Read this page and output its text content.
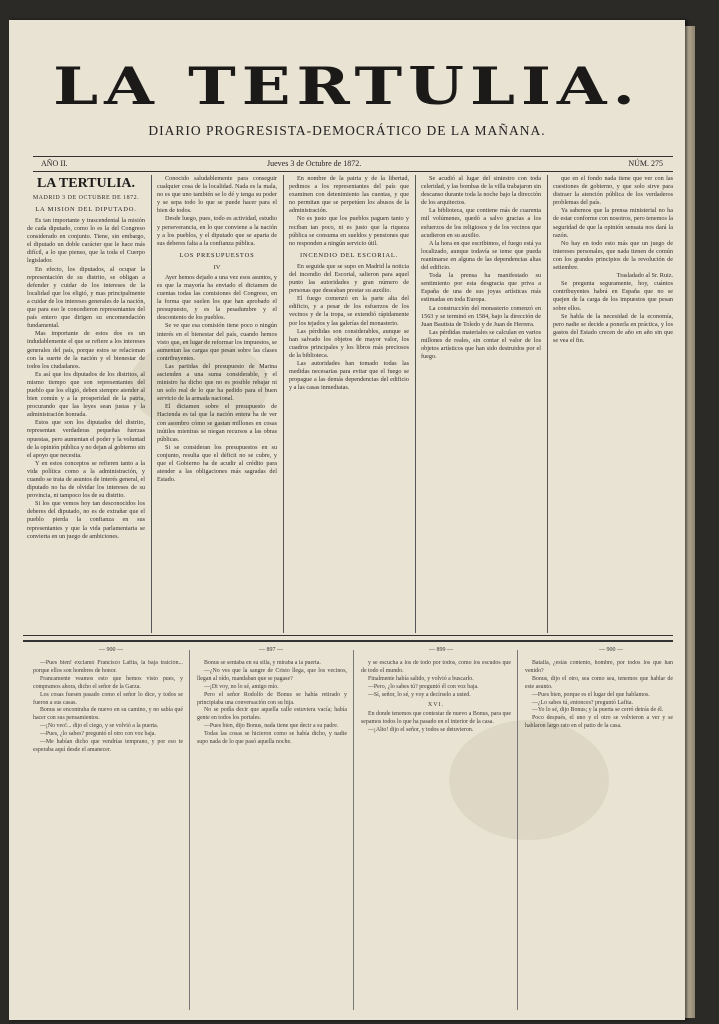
LA TERTULIA.
DIARIO PROGRESISTA-DEMOCRÁTICO DE LA MAÑANA.
AÑO II.	Jueves 3 de Octubre de 1872.	NÚM. 275
LA TERTULIA.
MADRID 3 DE OCTUBRE DE 1872.
LA MISION DEL DIPUTADO.

Es tan importante y trascendental la misión de cada diputado, como lo es la del Congreso considerado en conjunto. Tiene, sin embargo, el diputado un doble carácter que le hace más difícil, a lo que pienso, que la toda el Cuerpo legislador.

En efecto, los diputados, al ocupar la representación de su distrito, se obligan a defender y cuidar de los intereses de la localidad que los eligió, y mas principalmente a cuidar de los intereses generales de la nación, que para eso le concedieron representantes del país entero que dirigen su encomendación fundamental.

Mas importante de estos dos es un indudablemente el que se refiere a los intereses generales del país, porque estos se relacionan con la suerte de la nación y el bienestar de todos los ciudadanos.

Es así que los diputados de los distritos, al mismo tiempo que son representantes del pueblo que los eligió, deben siempre atender al bien común y a la prosperidad de la patria, procurando que las leyes sean justas y la administración honrada.

Estos que son los diputados del distrito, representan verdaderas pequeñas fuerzas opuestas, pero aumentan el poder y la voluntad de la opinión pública y no dejan al gobierno sin el apoyo que necesita.

Y en estos conceptos se refieren tanto a la vida política como a la administración, y cuando se trata de asuntos de interés general, el diputado no ha de olvidar los intereses de su provincia, ni tampoco los de su distrito.

Si los que vemos hoy tan desconocidos los deberes del diputado, no es de extrañar que el pueblo pierda la confianza en sus representantes y que la vida parlamentaria se convierta en un juego de ambiciones.

Conocido saludablemente para conseguir cualquier cosa de la localidad. Nada es la mala, no es que uno también se lo dé y tenga su poder y se sepa todo lo que se puede hacer para el bien de todos.

Desde luego, pues, todo es actividad, estudio y perseverancia, en lo que conviene a la nación y a los pueblos, y el diputado que se aparta de sus deberes falta a la confianza pública.

LOS PRESUPUESTOS
IV

Ayer hemos dejado a una vez esos asuntos, y es que la mayoría ha enviado el dictamen de cuentas todas las comisiones del Congreso, en la forma que suelen los que han aprobado el presupuesto, y es la pesadumbre y el descontento de los pueblos.

Se ve que esa comisión tiene poco o ningún interés en el bienestar del país, cuando hemos visto que, en lugar de reformar los impuestos, se aumentan las cargas que pesan sobre las clases contribuyentes.

Las partidas del presupuesto de Marina ascienden a una suma considerable, y el ministro ha dicho que no es posible rebajar ni un solo real de lo que ha pedido para el buen servicio de la armada nacional.

El dictamen sobre el presupuesto de Hacienda es tal que la nación entera ha de ver con asombro cómo se gastan millones en cosas inútiles mientras se niegan recursos a las obras públicas.

Si se consideran los presupuestos en su conjunto, resulta que el déficit no se cubre, y que el Gobierno ha de acudir al crédito para atender a las obligaciones más sagradas del Estado.

En nombre de la patria y de la libertad, pedimos a los representantes del país que examinen con detenimiento las cuentas, y que no permitan que se perpetúen los abusos de la administración.

No es justo que los pueblos paguen tanto y reciban tan poco, ni es justo que la riqueza pública se consuma en sueldos y pensiones que no responden a ningún servicio útil.

INCENDIO DEL ESCORIAL.

En seguida que se supo en Madrid la noticia del incendio del Escorial, salieron para aquel punto las autoridades y gran número de personas que deseaban prestar su auxilio.

El fuego comenzó en la parte alta del edificio, y a pesar de los esfuerzos de los vecinos y de la tropa, se extendió rápidamente por los tejados y las galerías del monasterio.

Las pérdidas son considerables, aunque se han salvado los objetos de mayor valor, los cuadros principales y los libros más preciosos de la biblioteca.

Las autoridades han tomado todas las medidas necesarias para evitar que el fuego se propague a las demás dependencias del edificio y a las casas inmediatas.

Se acudió al lugar del siniestro con toda celeridad, y las bombas de la villa trabajaron sin descanso durante toda la noche bajo la dirección de los arquitectos.

La biblioteca, que contiene más de cuarenta mil volúmenes, quedó a salvo gracias a los esfuerzos de los religiosos y de los vecinos que acudieron en su auxilio.

A la hora en que escribimos, el fuego está ya localizado, aunque todavía se teme que pueda reanimarse en alguna de las dependencias altas del edificio.

Toda la prensa ha manifestado su sentimiento por esta desgracia que priva a España de una de sus joyas artísticas más estimadas en toda Europa.

La construcción del monasterio comenzó en 1563 y se terminó en 1584, bajo la dirección de Juan Bautista de Toledo y de Juan de Herrera.

Las pérdidas materiales se calculan en varios millones de reales, sin contar el valor de los objetos artísticos que han sido destruidos por el fuego.

que en el fondo nada tiene que ver con las cuestiones de gobierno, y que solo sirve para distraer la atención pública de los verdaderos problemas del país.

Ya sabemos que la prensa ministerial no ha de estar conforme con nosotros, pero tenemos la seguridad de que la opinión sensata nos dará la razón.

No hay en todo esto más que un juego de intereses personales, que nada tienen de común con los grandes principios de la revolución de setiembre.

Trasladado al Sr. Ruiz.

Se pregunta seguramente, hoy, cuántos contribuyentes habrá en España que no se quejen de la carga de los impuestos que pesan sobre ellos.

Se habla de la necesidad de la economía, pero nadie se decide a ponerla en práctica, y los gastos del Estado crecen de año en año sin que se vea el fin.

— 900 —	— 897 —	— 899 —	— 900 —

—Pues bien! exclamó Francisco Lafita, la baja traición... porque ellos son hombres de honor.

Francamente veamos esto que hemos visto pues, y compramos ahora, dicho el señor de la Garza.

Los cosas fuesen pasado como el señor lo dice, y todos se fueron a sus casas.

Bonus se encontraba de nuevo en su camino, y no sabía qué hacer con sus pensamientos.

—¡No veo!... dijo el ciego, y se volvió a la puerta.

—Pues, ¿lo sabes? preguntó el otro con voz baja.

—Me habían dicho que vendrías temprano, y por eso te esperaba aquí desde el amanecer.

Bonus se sentaba en su silla, y miraba a la puerta.

—¿No ves que la sangre de Cristo llega, que los vecinos, llegan al oído, mandaban que se pagase?

—¡Di voy, no lo sé, amigo mío.

Pero el señor Rodolfo de Bonus se había retirado y principiaba una conversación con su hija.

No se podía decir que aquella calle estuviera vacía; había gente en todos los portales.

—Pues bien, dijo Bonus, nada tiene que decir a su padre.

Todas las cosas se hicieron como se había dicho, y nadie supo nada de lo que pasó aquella noche.

y se escucha a los de todo por todos, como los escudos que de todo el mundo.

Finalmente había salido, y volvió a buscarlo.

—Pero, ¿lo sabes tú? preguntó él con voz baja.

—Sí, señor, lo sé, y voy a decírselo a usted.

XVI.

En donde tenemos que contestar de nuevo a Bonus, para que sepamos todos lo que ha pasado en el interior de la casa.

—¡Alto! dijo el señor, y todos se detuvieron.

Batalla, ¿estás contento, hombre, por todos los que han venido?

Bonus, dijo el otro, sea como sea, tenemos que hablar de este asunto.

—Pues bien, porque es el lugar del que hablamos.

—¿Lo sabes tú, entonces? preguntó Lafita.

—Yo lo sé, dijo Bonus; y la puerta se cerró detrás de él.

Poco después, el uno y el otro se volvieron a ver y se hablaron largo rato en el patio de la casa.
